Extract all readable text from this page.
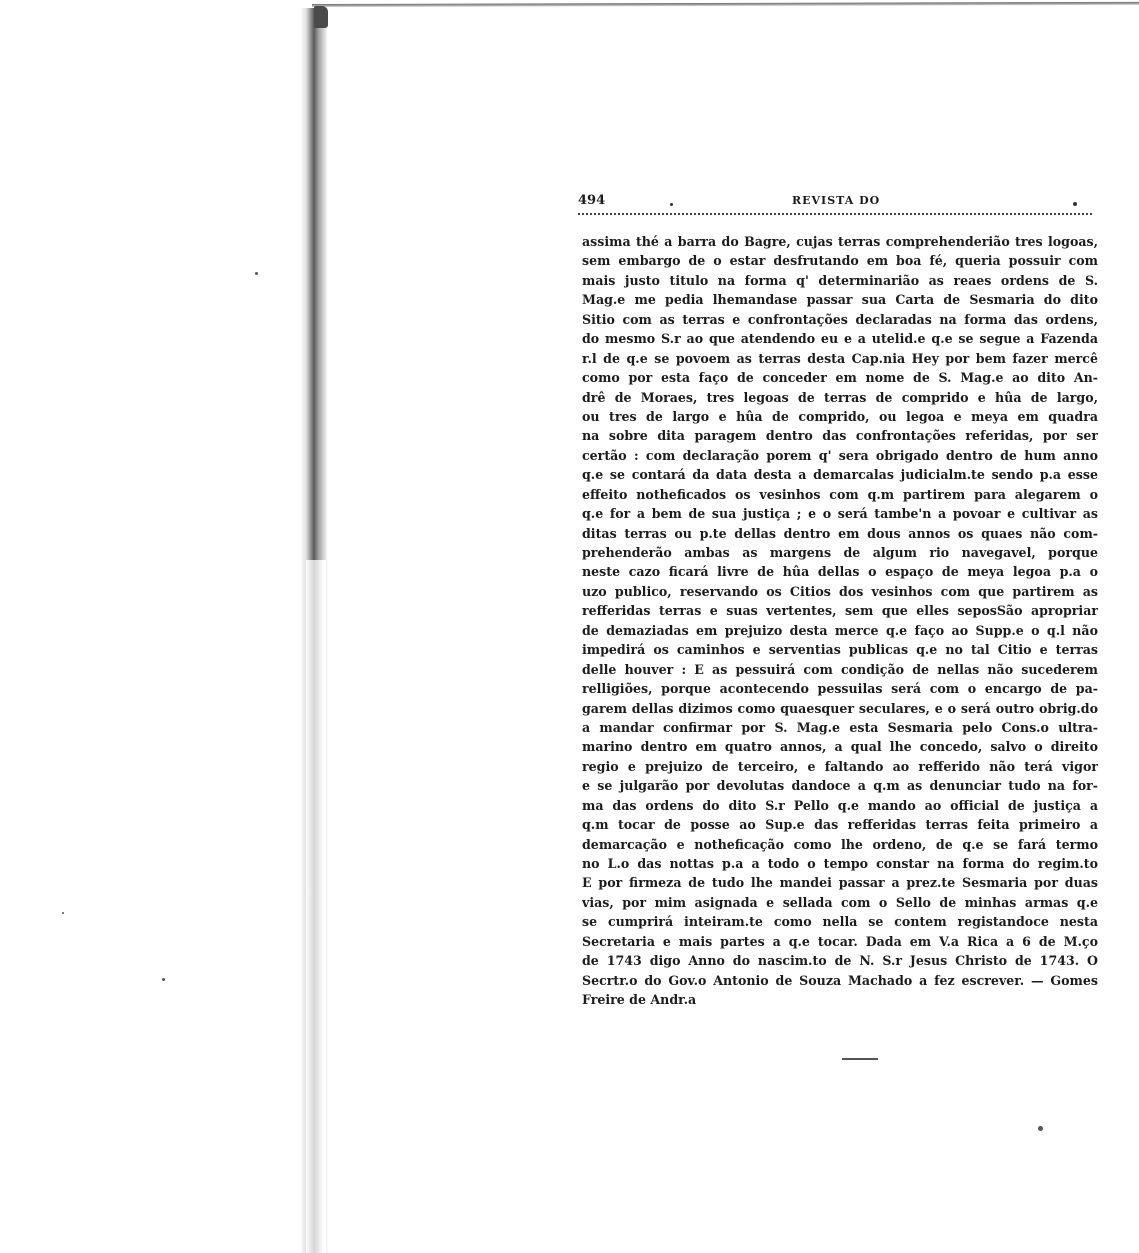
494	REVISTA DO
assima thé a barra do Bagre, cujas terras comprehenderião tres logoas,
sem embargo de o estar desfrutando em boa fé, queria possuir com
mais justo titulo na forma q' determinarião as reaes ordens de S.
Mag.e me pedia lhemandase passar sua Carta de Sesmaria do dito
Sitio com as terras e confrontações declaradas na forma das ordens,
do mesmo S.r ao que atendendo eu e a utelid.e q.e se segue a Fazenda
r.l de q.e se povoem as terras desta Cap.nia Hey por bem fazer mercê
como por esta faço de conceder em nome de S. Mag.e ao dito An-
drê de Moraes, tres legoas de terras de comprido e hûa de largo,
ou tres de largo e hûa de comprido, ou legoa e meya em quadra
na sobre dita paragem dentro das confrontações referidas, por ser
certão : com declaração porem q' sera obrigado dentro de hum anno
q.e se contará da data desta a demarcalas judicialm.te sendo p.a esse
effeito notheficados os vesinhos com q.m partirem para alegarem o
q.e for a bem de sua justiça ; e o será tambe'n a povoar e cultivar as
ditas terras ou p.te dellas dentro em dous annos os quaes não com-
prehenderão ambas as margens de algum rio navegavel, porque
neste cazo ficará livre de hûa dellas o espaço de meya legoa p.a o
uzo publico, reservando os Citios dos vesinhos com que partirem as
refferidas terras e suas vertentes, sem que elles seposSão apropriar
de demaziadas em prejuizo desta merce q.e faço ao Supp.e o q.l não
impedirá os caminhos e serventias publicas q.e no tal Citio e terras
delle houver : E as pessuirá com condição de nellas não sucederem
relligiões, porque acontecendo pessuilas será com o encargo de pa-
garem dellas dizimos como quaesquer seculares, e o será outro obrig.do
a mandar confirmar por S. Mag.e esta Sesmaria pelo Cons.o ultra-
marino dentro em quatro annos, a qual lhe concedo, salvo o direito
regio e prejuizo de terceiro, e faltando ao refferido não terá vigor
e se julgarão por devolutas dandoce a q.m as denunciar tudo na for-
ma das ordens do dito S.r Pello q.e mando ao official de justiça a
q.m tocar de posse ao Sup.e das refferidas terras feita primeiro a
demarcação e notheficação como lhe ordeno, de q.e se fará termo
no L.o das nottas p.a a todo o tempo constar na forma do regim.to
E por firmeza de tudo lhe mandei passar a prez.te Sesmaria por duas
vias, por mim asignada e sellada com o Sello de minhas armas q.e
se cumprirá inteiram.te como nella se contem registandoce nesta
Secretaria e mais partes a q.e tocar. Dada em V.a Rica a 6 de M.ço
de 1743 digo Anno do nascim.to de N. S.r Jesus Christo de 1743. O
Secrtr.o do Gov.o Antonio de Souza Machado a fez escrever. — Gomes
Freire de Andr.a
